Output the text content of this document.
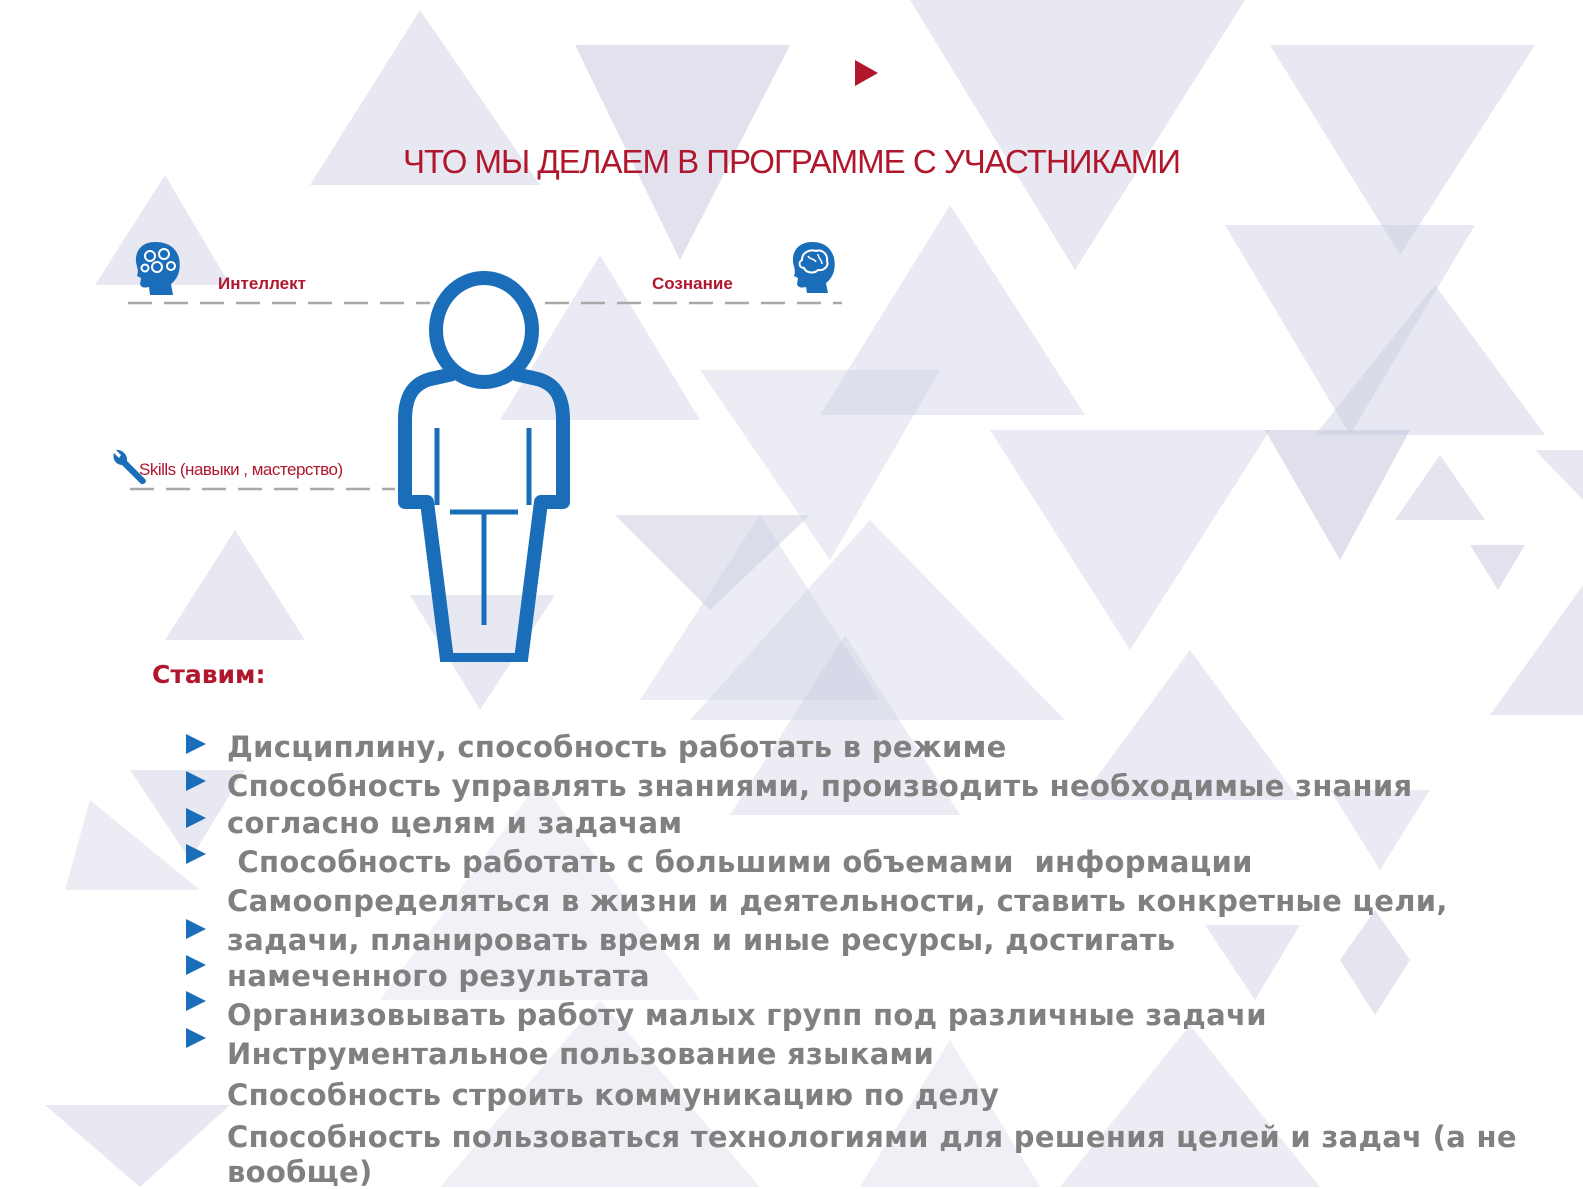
ЧТО МЫ ДЕЛАЕМ В ПРОГРАММЕ С УЧАСТНИКАМИ
Интеллект	Сознание
Skills (навыки , мастерство)
Ставим:
Дисциплину, способность работать в режиме
Способность управлять знаниями, производить необходимые знания
согласно целям и задачам
Способность работать с большими объемами  информации
Самоопределяться в жизни и деятельности, ставить конкретные цели,
задачи, планировать время и иные ресурсы, достигать
намеченного результата
Организовывать работу малых групп под различные задачи
Инструментальное пользование языками
Способность строить коммуникацию по делу
Способность пользоваться технологиями для решения целей и задач (а не
вообще)
